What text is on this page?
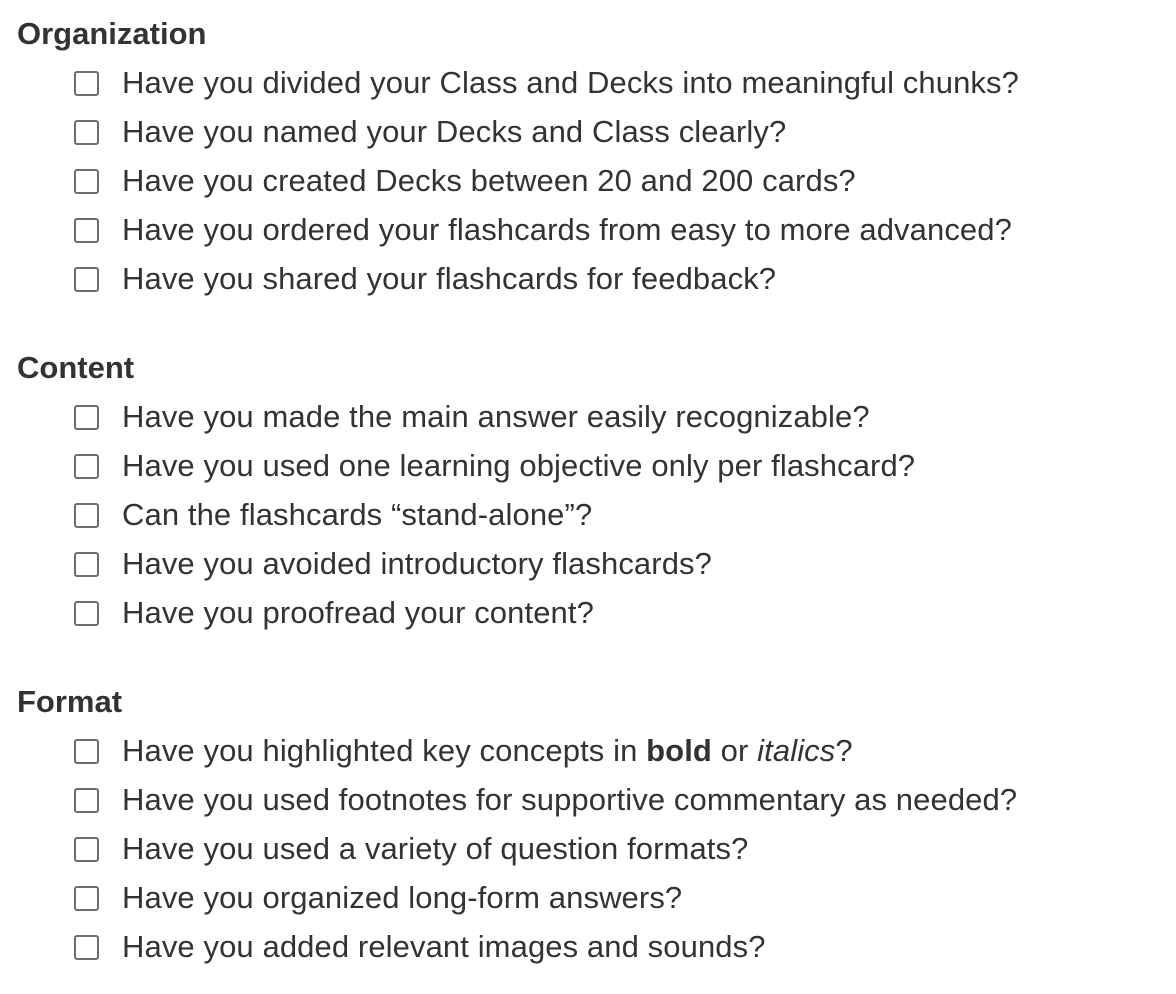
Organization
Have you divided your Class and Decks into meaningful chunks?
Have you named your Decks and Class clearly?
Have you created Decks between 20 and 200 cards?
Have you ordered your flashcards from easy to more advanced?
Have you shared your flashcards for feedback?
Content
Have you made the main answer easily recognizable?
Have you used one learning objective only per flashcard?
Can the flashcards “stand-alone”?
Have you avoided introductory flashcards?
Have you proofread your content?
Format
Have you highlighted key concepts in bold or italics?
Have you used footnotes for supportive commentary as needed?
Have you used a variety of question formats?
Have you organized long-form answers?
Have you added relevant images and sounds?
